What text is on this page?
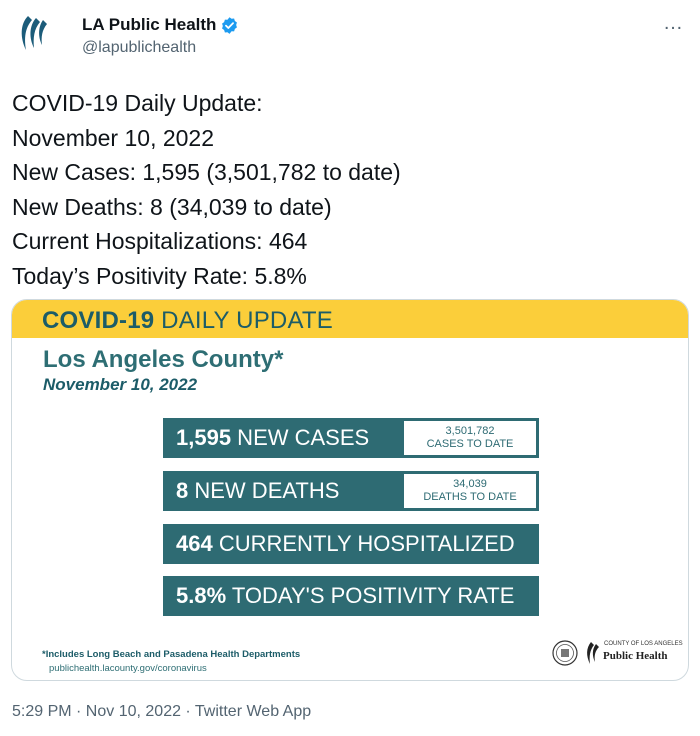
LA Public Health
@lapublichealth
…
COVID-19 Daily Update:
November 10, 2022
New Cases: 1,595 (3,501,782 to date)
New Deaths: 8 (34,039 to date)
Current Hospitalizations: 464
Today’s Positivity Rate: 5.8%
COVID-19 DAILY UPDATE
Los Angeles County*
November 10, 2022
1,595 NEW CASES	3,501,782
CASES TO DATE
8 NEW DEATHS	34,039
DEATHS TO DATE
464 CURRENTLY HOSPITALIZED
5.8% TODAY'S POSITIVITY RATE
*Includes Long Beach and Pasadena Health Departments
publichealth.lacounty.gov/coronavirus
COUNTY OF LOS ANGELES
Public Health
5:29 PM · Nov 10, 2022 · Twitter Web App
